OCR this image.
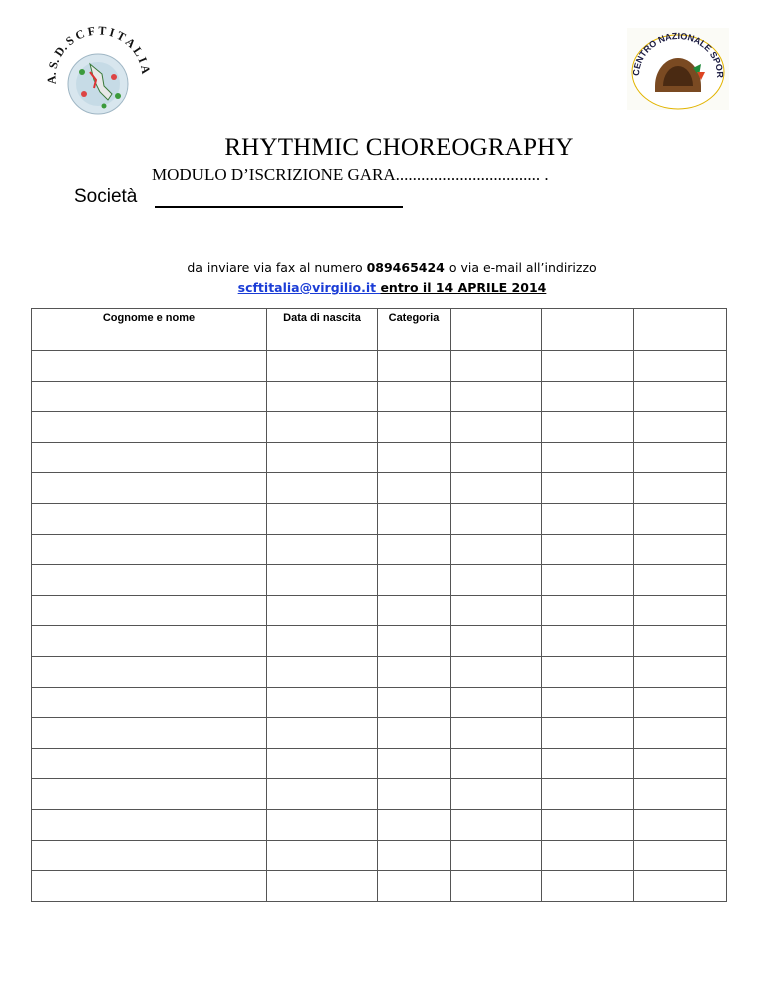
A. S. D. S C F T I T A L I A	CENTRO NAZIONALE SPOR
RHYTHMIC CHOREOGRAPHY
MODULO D’ISCRIZIONE GARA.................................. .
Società
da inviare via fax al numero 089465424 o via e-mail all’indirizzo
scftitalia@virgilio.it entro il 14 APRILE 2014
Cognome e nome	Data di nascita	Categoria			
